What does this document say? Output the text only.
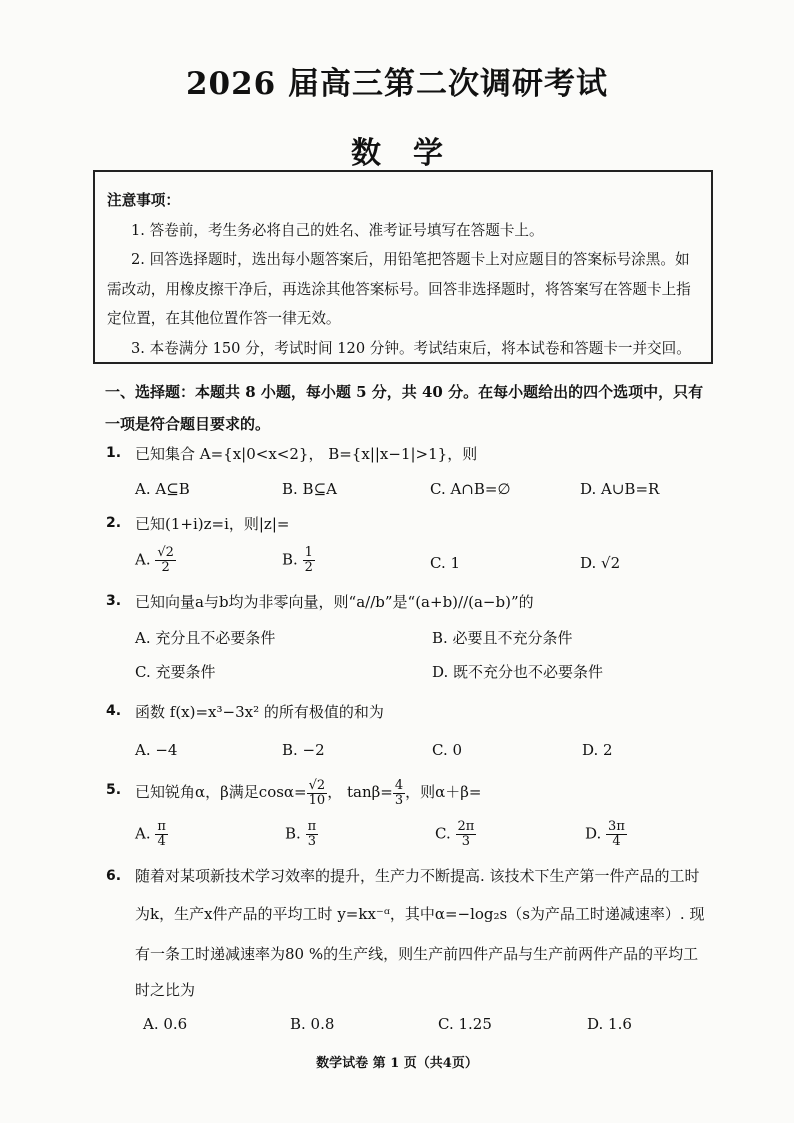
2026 届高三第二次调研考试
数学

注意事项：

1. 答卷前，考生务必将自己的姓名、准考证号填写在答题卡上。

2. 回答选择题时，选出每小题答案后，用铅笔把答题卡上对应题目的答案标号涂黑。如需改动，用橡皮擦干净后，再选涂其他答案标号。回答非选择题时，将答案写在答题卡上指定位置，在其他位置作答一律无效。

3. 本卷满分 150 分，考试时间 120 分钟。考试结束后，将本试卷和答题卡一并交回。

一、选择题：本题共 8 小题，每小题 5 分，共 40 分。在每小题给出的四个选项中，只有一项是符合题目要求的。
1. 已知集合 A={x|0<x<2}， B={x||x−1|>1}，则
A. A⊆B	B. B⊆A	C. A∩B=∅	D. A∪B=R
2. 已知(1+i)z=i，则|z|=
A. $\frac{√2}{2}$	B. $\frac{1}{2}$	C. 1	D. √2
3. 已知向量a与b均为非零向量，则“a//b”是“(a+b)//(a−b)”的
A. 充分且不必要条件	B. 必要且不充分条件
C. 充要条件	D. 既不充分也不必要条件
4. 函数 f(x)=x³−3x² 的所有极值的和为
A. −4	B. −2	C. 0	D. 2
5. 已知锐角α，β满足$\cos\alpha= \frac{√2}{10}$ ， $\tan\beta= \frac{4}{3}$ ，则α＋β=
A. $\frac{\pi}{4}$	B. $\frac{\pi}{3}$	C. $\frac{2\pi}{3}$	D. $\frac{3\pi}{4}$
6. 随着对某项新技术学习效率的提升，生产力不断提高. 该技术下生产第一件产品的工时
为k，生产x件产品的平均工时 y=kx⁻ᵅ，其中α=−log₂s（s为产品工时递减速率）. 现
有一条工时递减速率为80 %的生产线，则生产前四件产品与生产前两件产品的平均工
时之比为
A. 0.6	B. 0.8	C. 1.25	D. 1.6
数学试卷 第 1 页（共4页）
